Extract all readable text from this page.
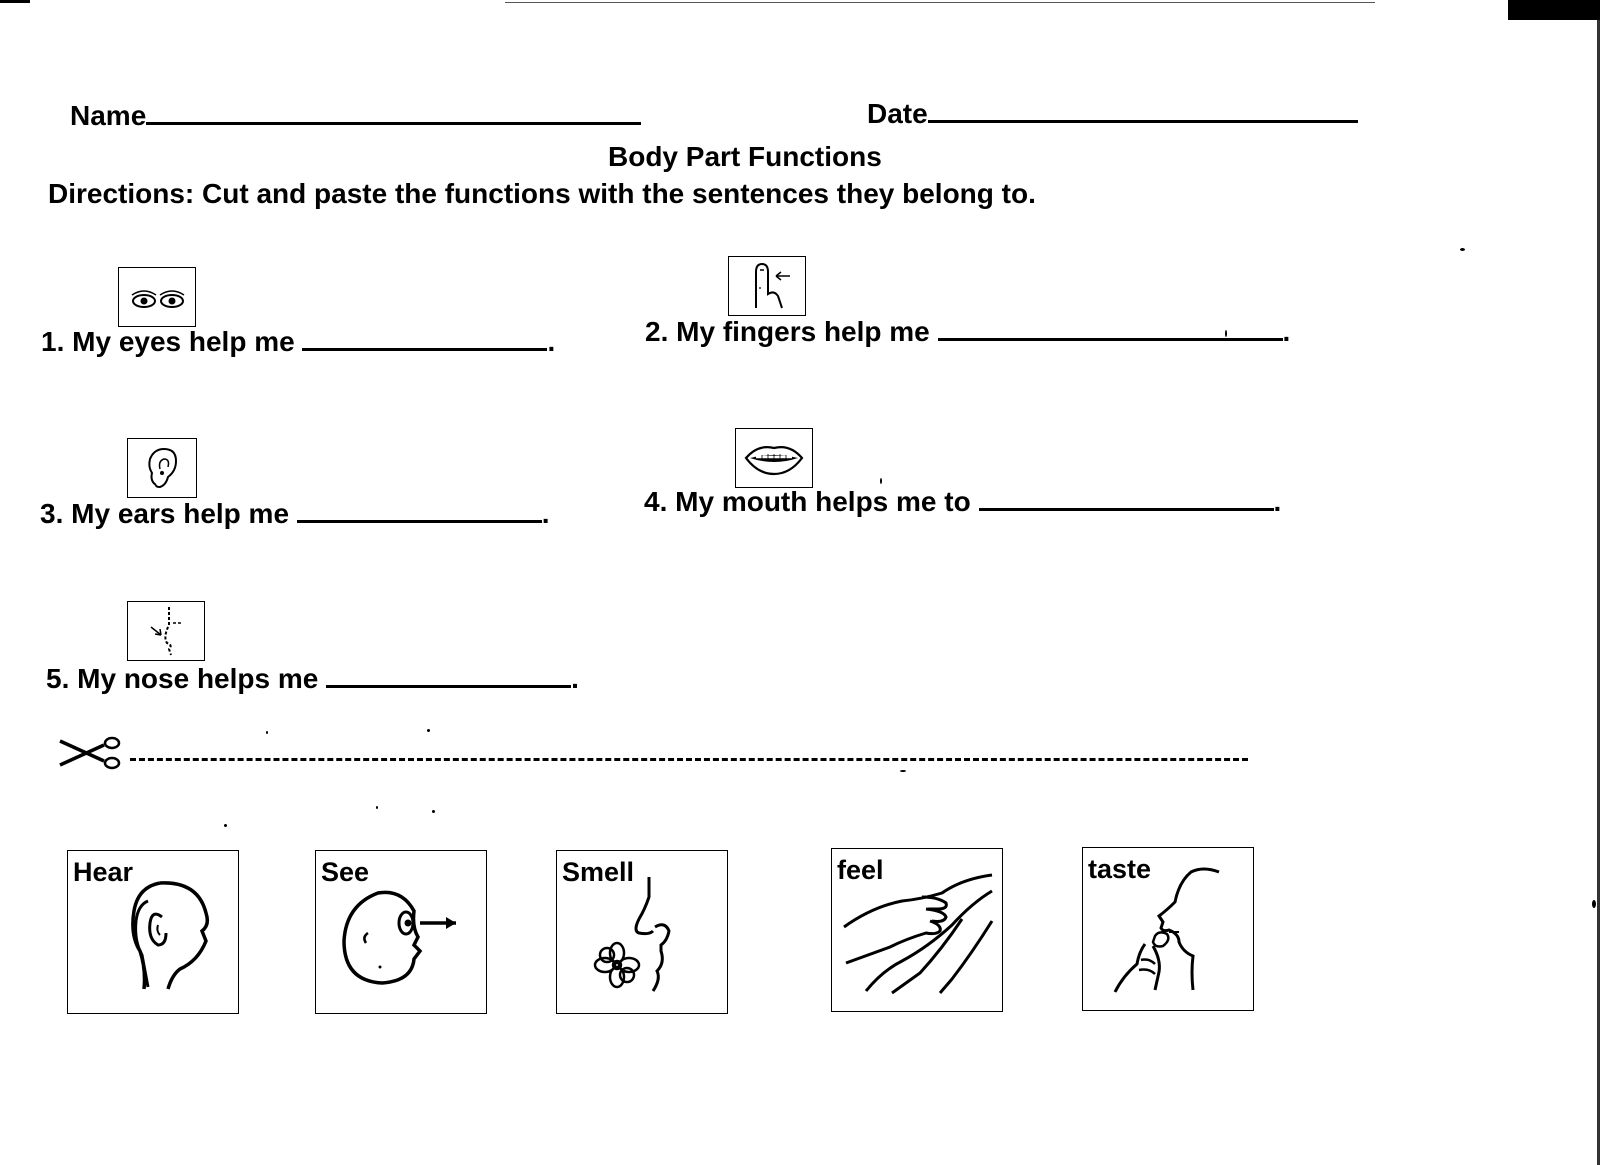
Name	Date
Body Part Functions
Directions: Cut and paste the functions with the sentences they belong to.
1. My eyes help me	.	2. My fingers help me	.
3. My ears help me	.	4. My mouth helps me to	.
5. My nose helps me	.
Hear	See	Smell	feel	taste
